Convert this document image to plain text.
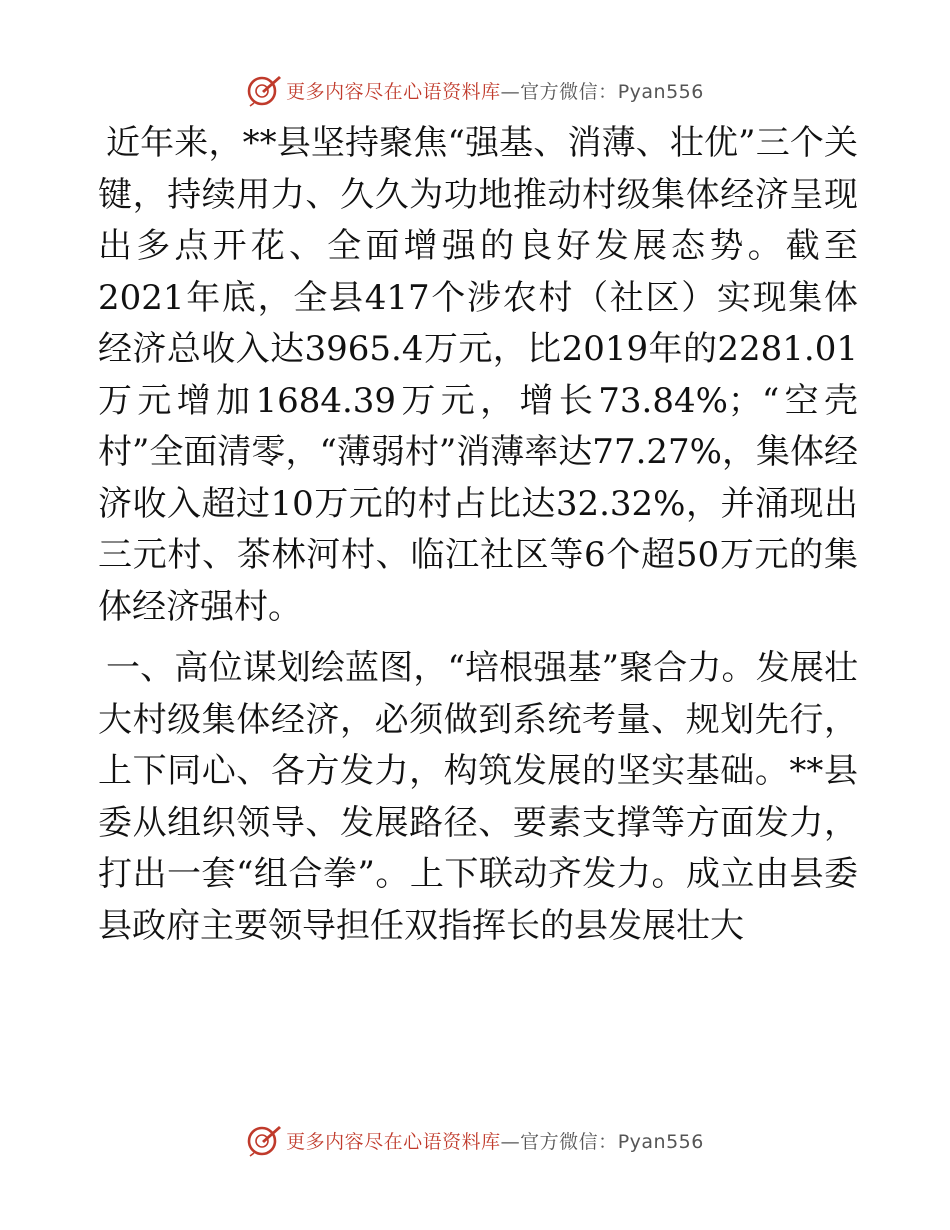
更多内容尽在心语资料库—官方微信：Pyan556

近年来，**县坚持聚焦“强基、消薄、壮优”三个关键，持续用力、久久为功地推动村级集体经济呈现出多点开花、全面增强的良好发展态势。截至2021年底，全县417个涉农村（社区）实现集体经济总收入达3965.4万元，比2019年的2281.01万元增加1684.39万元，增长73.84%；“空壳村”全面清零，“薄弱村”消薄率达77.27%，集体经济收入超过10万元的村占比达32.32%，并涌现出三元村、茶林河村、临江社区等6个超50万元的集体经济强村。

一、高位谋划绘蓝图，“培根强基”聚合力。发展壮大村级集体经济，必须做到系统考量、规划先行，上下同心、各方发力，构筑发展的坚实基础。**县委从组织领导、发展路径、要素支撑等方面发力，打出一套“组合拳”。上下联动齐发力。成立由县委县政府主要领导担任双指挥长的县发展壮大

更多内容尽在心语资料库—官方微信：Pyan556
